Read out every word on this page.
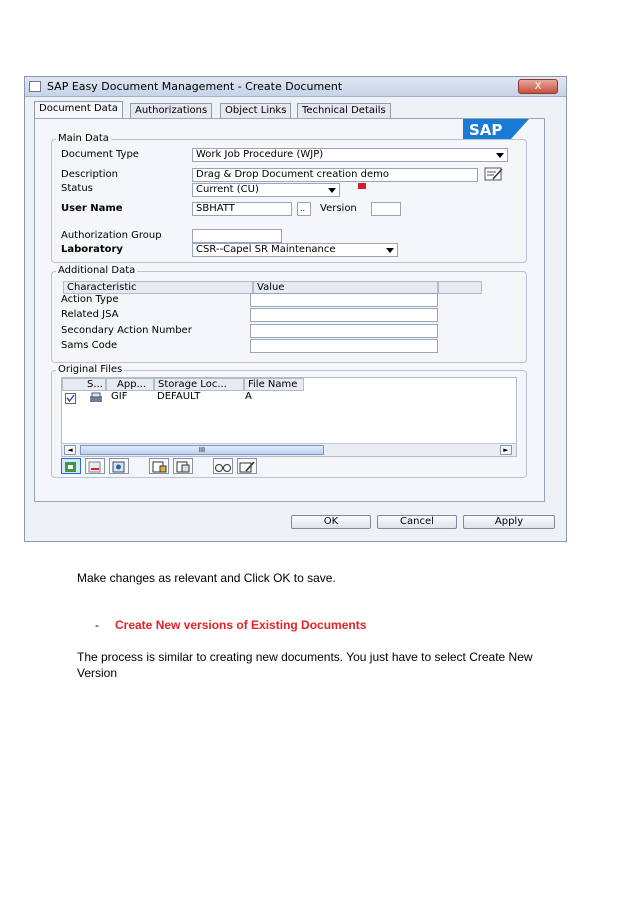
SAP Easy Document Management - Create Document	X
Document Data	Authorizations	Object Links	Technical Details
SAP
Main Data
Document Type	Work Job Procedure (WJP)
Description	Drag & Drop Document creation demo
Status	Current (CU)
User Name	SBHATT	..	Version
Authorization Group
Laboratory	CSR--Capel SR Maintenance
Additional Data
Characteristic	Value
Action Type
Related JSA
Secondary Action Number
Sams Code
Original Files
S...	App...	Storage Loc...	File Name
GIF	DEFAULT	A
◄	III	►
OK	Cancel	Apply
Make changes as relevant and Click OK to save.
- Create New versions of Existing Documents
The process is similar to creating new documents. You just have to select Create New
Version
